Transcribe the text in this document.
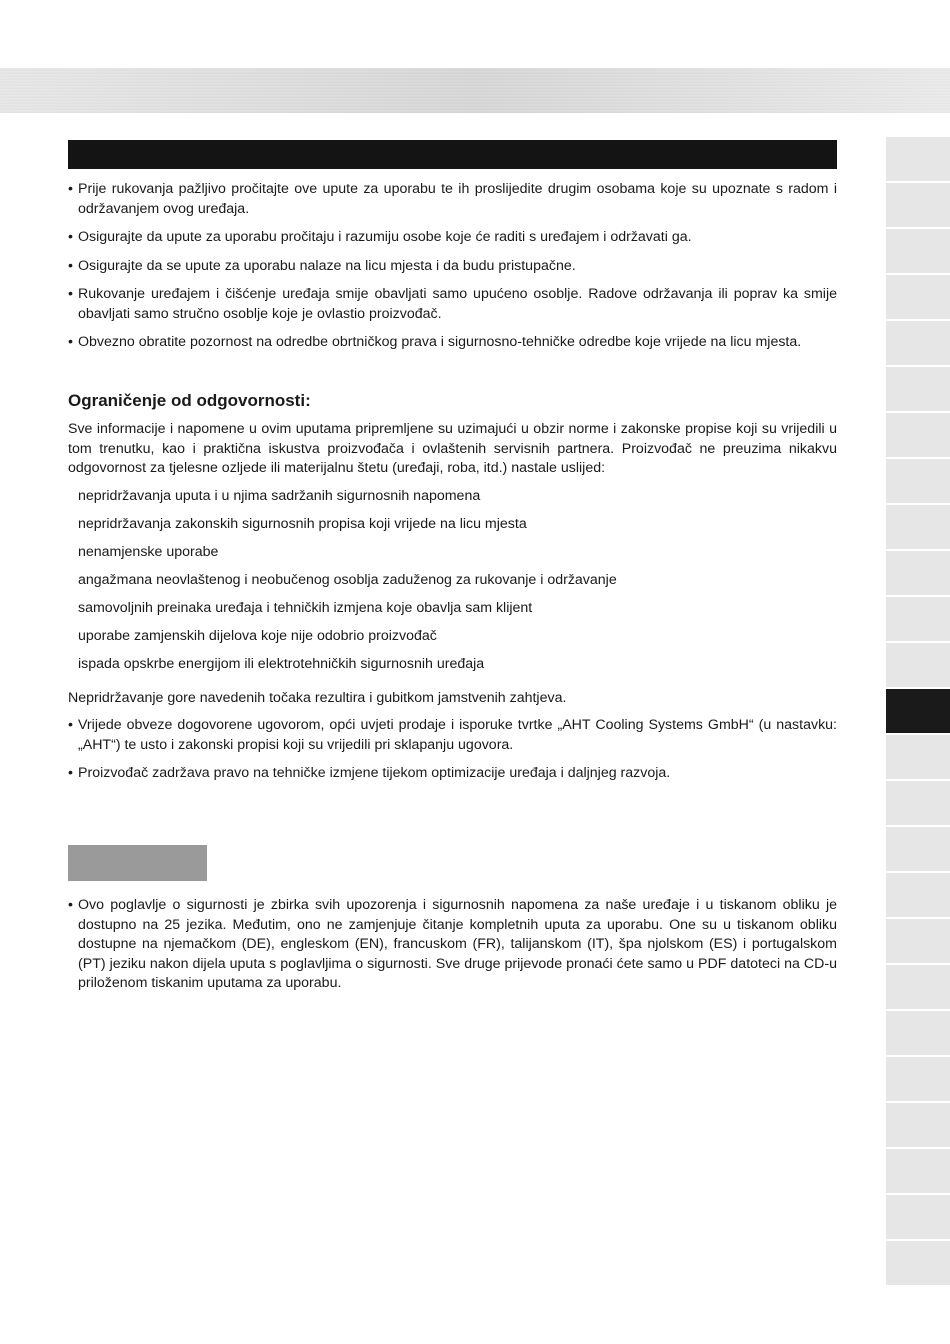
• Prije rukovanja pažljivo pročitajte ove upute za uporabu te ih proslijedite drugim osobama koje su upoznate s radom i održavanjem ovog uređaja.
• Osigurajte da upute za uporabu pročitaju i razumiju osobe koje će raditi s uređajem i održavati ga.
• Osigurajte da se upute za uporabu nalaze na licu mjesta i da budu pristupačne.
• Rukovanje uređajem i čišćenje uređaja smije obavljati samo upućeno osoblje. Radove održavanja ili poprav ka smije obavljati samo stručno osoblje koje je ovlastio proizvođač.
• Obvezno obratite pozornost na odredbe obrtničkog prava i sigurnosno-tehničke odredbe koje vrijede na licu mjesta.
Ograničenje od odgovornosti:

Sve informacije i napomene u ovim uputama pripremljene su uzimajući u obzir norme i zakonske propise koji su vrijedili u tom trenutku, kao i praktična iskustva proizvođača i ovlaštenih servisnih partnera. Proizvođač ne preuzima nikakvu odgovornost za tjelesne ozljede ili materijalnu štetu (uređaji, roba, itd.) nastale uslijed:

nepridržavanja uputa i u njima sadržanih sigurnosnih napomena
nepridržavanja zakonskih sigurnosnih propisa koji vrijede na licu mjesta
nenamjenske uporabe
angažmana neovlaštenog i neobučenog osoblja zaduženog za rukovanje i održavanje
samovoljnih preinaka uređaja i tehničkih izmjena koje obavlja sam klijent
uporabe zamjenskih dijelova koje nije odobrio proizvođač
ispada opskrbe energijom ili elektrotehničkih sigurnosnih uređaja

Nepridržavanje gore navedenih točaka rezultira i gubitkom jamstvenih zahtjeva.

• Vrijede obveze dogovorene ugovorom, opći uvjeti prodaje i isporuke tvrtke „AHT Cooling Systems GmbH“ (u nastavku: „AHT“) te usto i zakonski propisi koji su vrijedili pri sklapanju ugovora.
• Proizvođač zadržava pravo na tehničke izmjene tijekom optimizacije uređaja i daljnjeg razvoja.
• Ovo poglavlje o sigurnosti je zbirka svih upozorenja i sigurnosnih napomena za naše uređaje i u tiskanom obliku je dostupno na 25 jezika. Međutim, ono ne zamjenjuje čitanje kompletnih uputa za uporabu. One su u tiskanom obliku dostupne na njemačkom (DE), engleskom (EN), francuskom (FR), talijanskom (IT), špa njolskom (ES) i portugalskom (PT) jeziku nakon dijela uputa s poglavljima o sigurnosti. Sve druge prijevode pronaći ćete samo u PDF datoteci na CD-u priloženom tiskanim uputama za uporabu.
